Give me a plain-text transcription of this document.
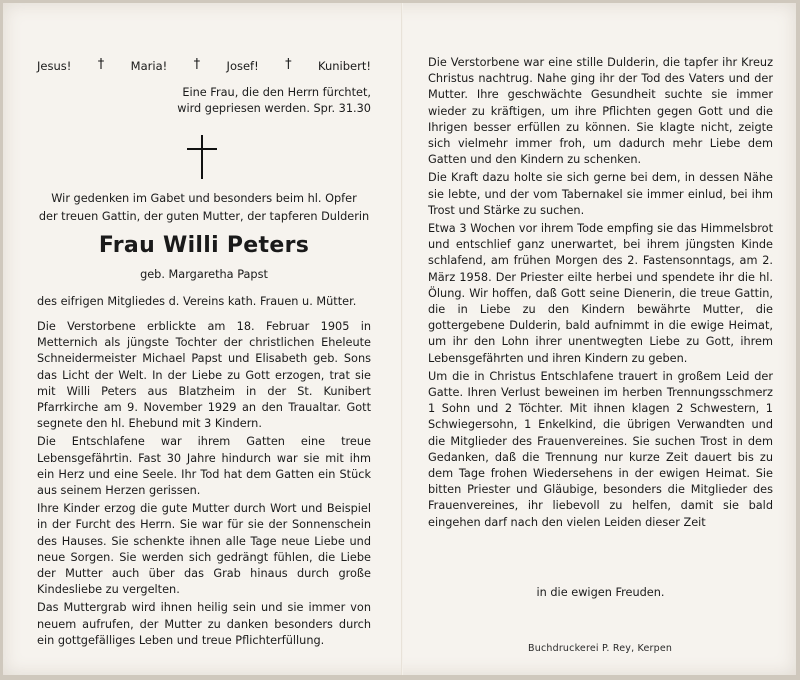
Jesus! † Maria! † Josef! † Kunibert!
Eine Frau, die den Herrn fürchtet,
wird gepriesen werden. Spr. 31.30
Wir gedenken im Gabet und besonders beim hl. Opfer
der treuen Gattin, der guten Mutter, der tapferen Dulderin
Frau Willi Peters
geb. Margaretha Papst
des eifrigen Mitgliedes d. Vereins kath. Frauen u. Mütter.

Die Verstorbene erblickte am 18. Februar 1905 in Metternich als jüngste Tochter der christlichen Eheleute Schneidermeister Michael Papst und Elisabeth geb. Sons das Licht der Welt. In der Liebe zu Gott erzogen, trat sie mit Willi Peters aus Blatzheim in der St. Kunibert Pfarrkirche am 9. November 1929 an den Traualtar. Gott segnete den hl. Ehebund mit 3 Kindern.

Die Entschlafene war ihrem Gatten eine treue Lebensgefährtin. Fast 30 Jahre hindurch war sie mit ihm ein Herz und eine Seele. Ihr Tod hat dem Gatten ein Stück aus seinem Herzen gerissen.

Ihre Kinder erzog die gute Mutter durch Wort und Beispiel in der Furcht des Herrn. Sie war für sie der Sonnenschein des Hauses. Sie schenkte ihnen alle Tage neue Liebe und neue Sorgen. Sie werden sich gedrängt fühlen, die Liebe der Mutter auch über das Grab hinaus durch große Kindesliebe zu vergelten.

Das Muttergrab wird ihnen heilig sein und sie immer von neuem aufrufen, der Mutter zu danken besonders durch ein gottgefälliges Leben und treue Pflichterfüllung.

Die Verstorbene war eine stille Dulderin, die tapfer ihr Kreuz Christus nachtrug. Nahe ging ihr der Tod des Vaters und der Mutter. Ihre geschwächte Gesundheit suchte sie immer wieder zu kräftigen, um ihre Pflichten gegen Gott und die Ihrigen besser erfüllen zu können. Sie klagte nicht, zeigte sich vielmehr immer froh, um dadurch mehr Liebe dem Gatten und den Kindern zu schenken.

Die Kraft dazu holte sie sich gerne bei dem, in dessen Nähe sie lebte, und der vom Tabernakel sie immer einlud, bei ihm Trost und Stärke zu suchen.

Etwa 3 Wochen vor ihrem Tode empfing sie das Himmelsbrot und entschlief ganz unerwartet, bei ihrem jüngsten Kinde schlafend, am frühen Morgen des 2. Fastensonntags, am 2. März 1958. Der Priester eilte herbei und spendete ihr die hl. Ölung. Wir hoffen, daß Gott seine Dienerin, die treue Gattin, die in Liebe zu den Kindern bewährte Mutter, die gottergebene Dulderin, bald aufnimmt in die ewige Heimat, um ihr den Lohn ihrer unentwegten Liebe zu Gott, ihrem Lebensgefährten und ihren Kindern zu geben.

Um die in Christus Entschlafene trauert in großem Leid der Gatte. Ihren Verlust beweinen im herben Trennungsschmerz 1 Sohn und 2 Töchter. Mit ihnen klagen 2 Schwestern, 1 Schwiegersohn, 1 Enkelkind, die übrigen Verwandten und die Mitglieder des Frauenvereines. Sie suchen Trost in dem Gedanken, daß die Trennung nur kurze Zeit dauert bis zu dem Tage frohen Wiedersehens in der ewigen Heimat. Sie bitten Priester und Gläubige, besonders die Mitglieder des Frauenvereines, ihr liebevoll zu helfen, damit sie bald eingehen darf nach den vielen Leiden dieser Zeit

in die ewigen Freuden.
Buchdruckerei P. Rey, Kerpen
